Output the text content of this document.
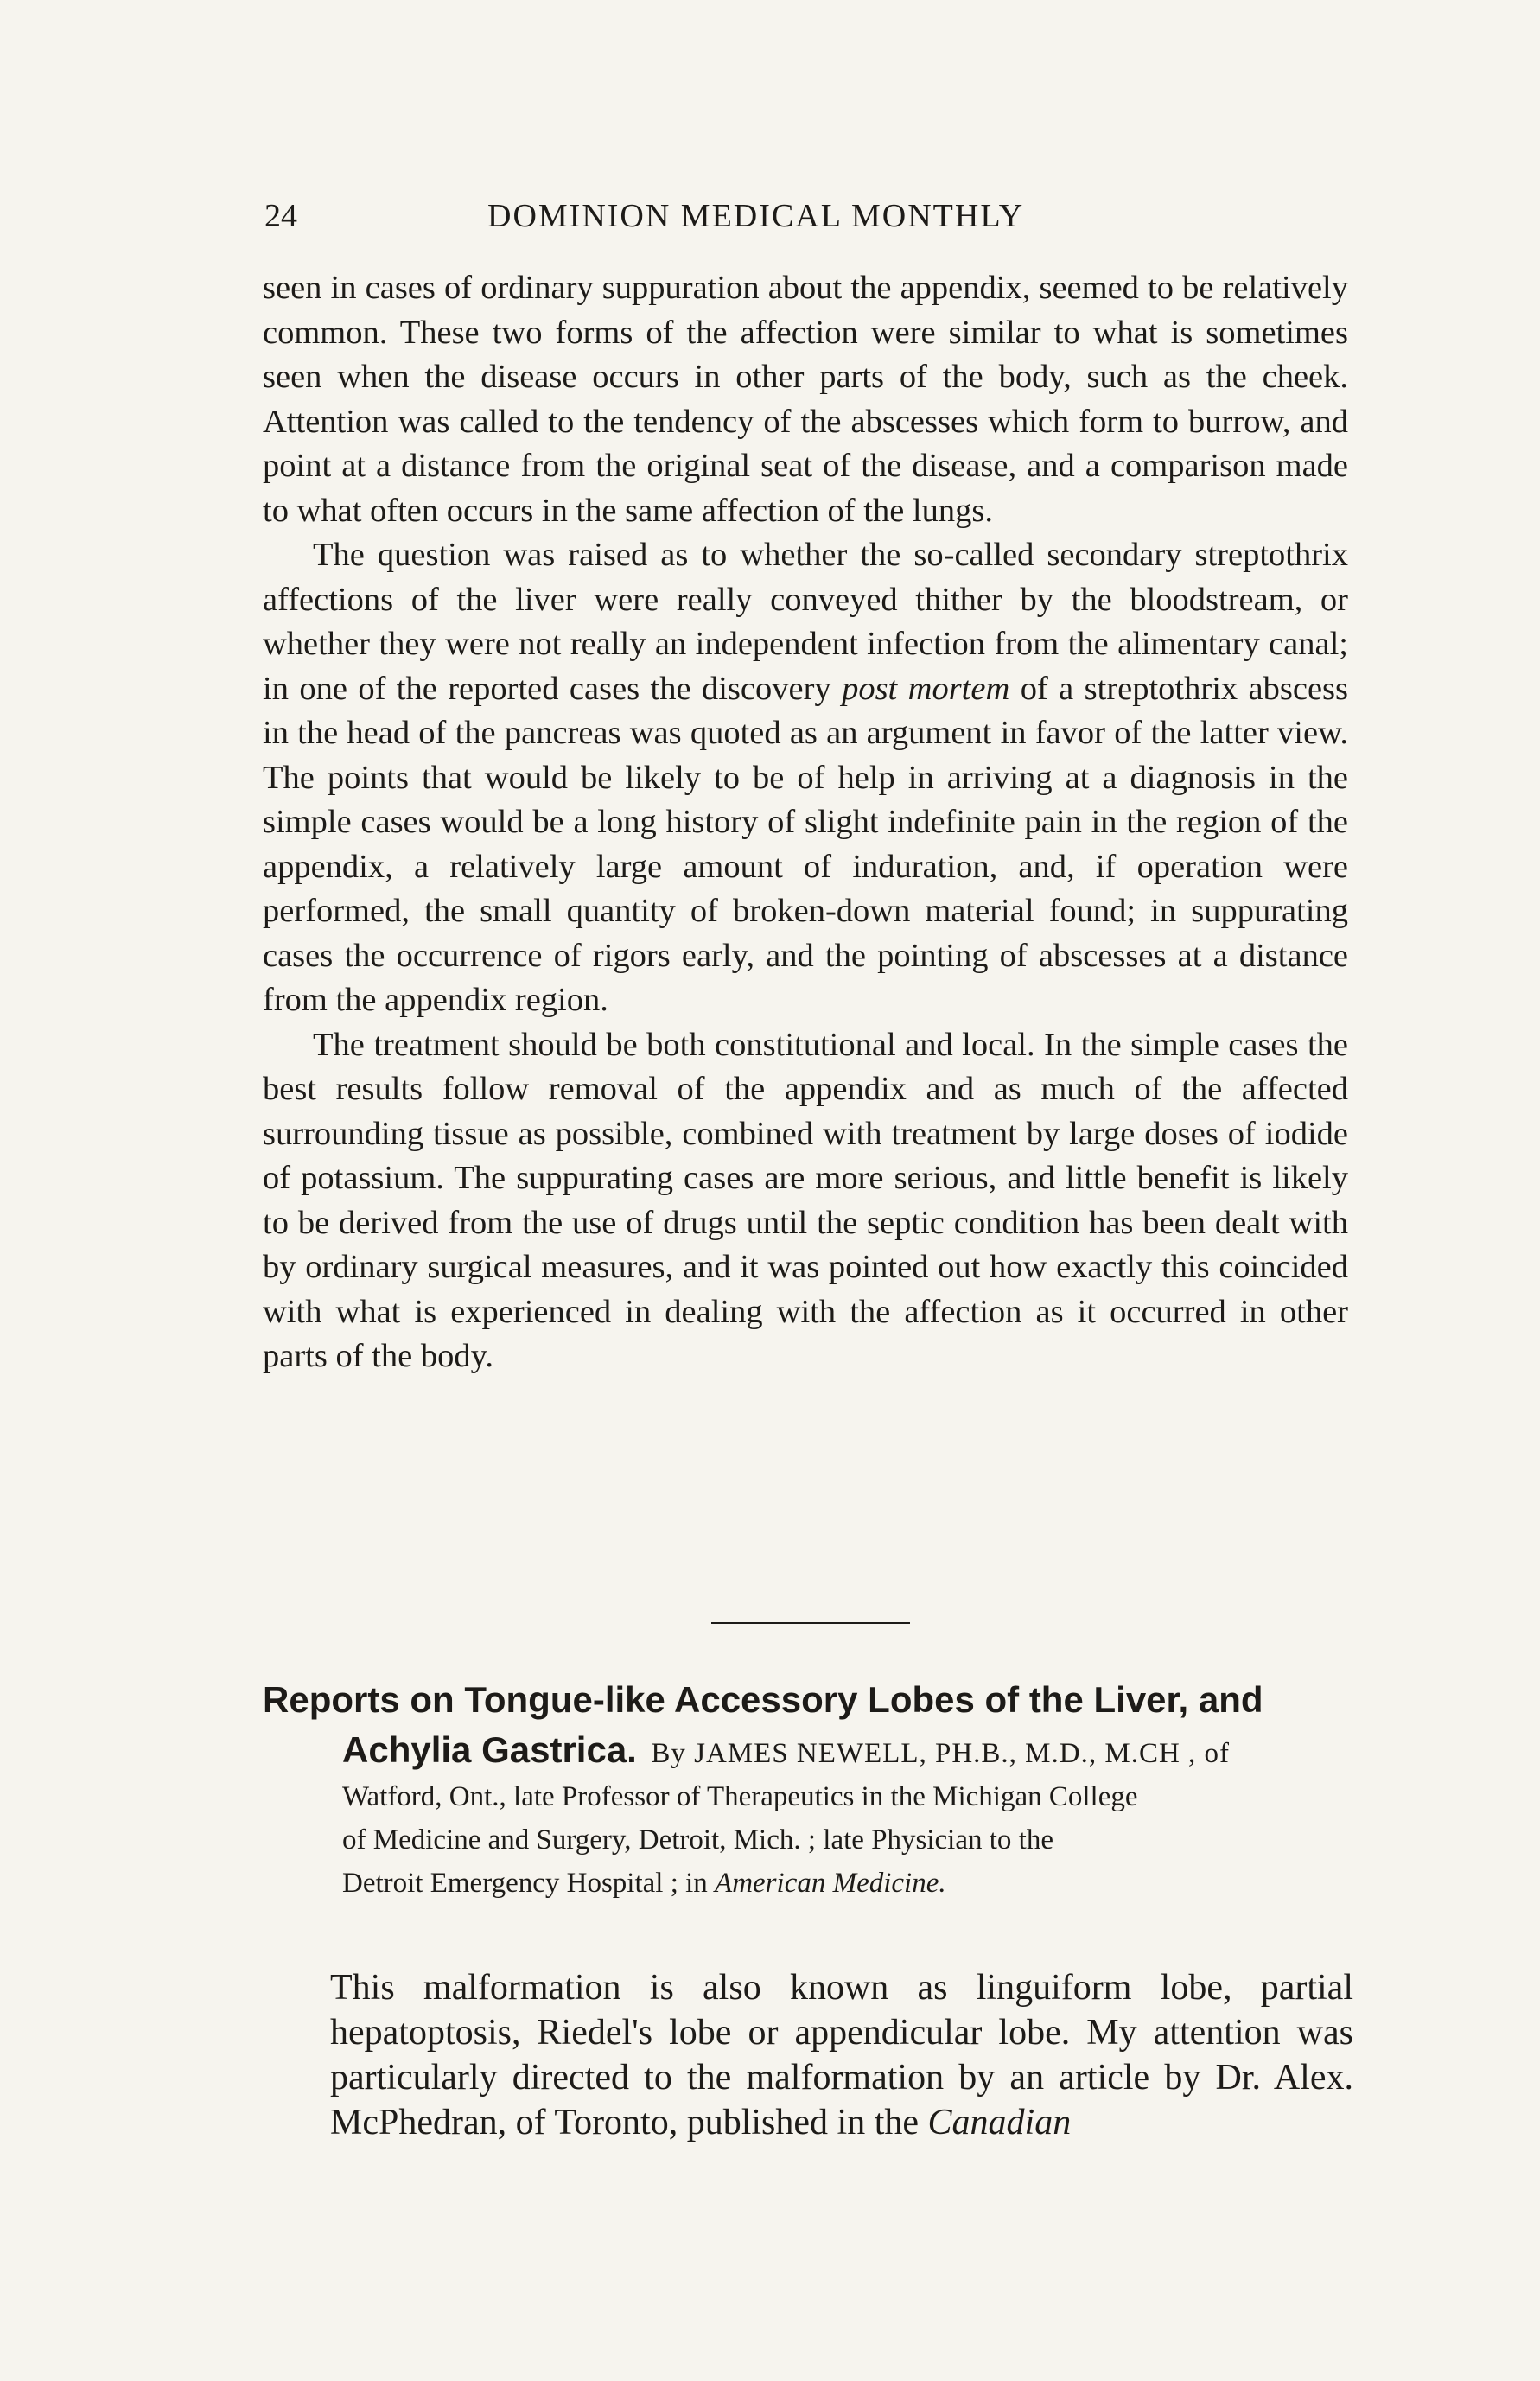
24	DOMINION MEDICAL MONTHLY

seen in cases of ordinary suppuration about the appendix, seemed to be relatively common. These two forms of the affection were similar to what is sometimes seen when the disease occurs in other parts of the body, such as the cheek. Attention was called to the tendency of the abscesses which form to burrow, and point at a distance from the original seat of the disease, and a comparison made to what often occurs in the same affection of the lungs.

The question was raised as to whether the so-called secondary streptothrix affections of the liver were really conveyed thither by the bloodstream, or whether they were not really an independent infection from the alimentary canal; in one of the reported cases the discovery post mortem of a streptothrix abscess in the head of the pancreas was quoted as an argument in favor of the latter view. The points that would be likely to be of help in arriving at a diagnosis in the simple cases would be a long history of slight indefinite pain in the region of the appendix, a relatively large amount of induration, and, if operation were performed, the small quantity of broken-down material found; in suppurating cases the occurrence of rigors early, and the pointing of abscesses at a distance from the appendix region.

The treatment should be both constitutional and local. In the simple cases the best results follow removal of the appendix and as much of the affected surrounding tissue as possible, combined with treatment by large doses of iodide of potassium. The suppurating cases are more serious, and little benefit is likely to be derived from the use of drugs until the septic condition has been dealt with by ordinary surgical measures, and it was pointed out how exactly this coincided with what is experienced in dealing with the affection as it occurred in other parts of the body.

Reports on Tongue-like Accessory Lobes of the Liver, and
Achylia Gastrica. By JAMES NEWELL, PH.B., M.D., M.CH , of
Watford, Ont., late Professor of Therapeutics in the Michigan College
of Medicine and Surgery, Detroit, Mich. ; late Physician to the
Detroit Emergency Hospital ; in American Medicine.

This malformation is also known as linguiform lobe, partial hepatoptosis, Riedel's lobe or appendicular lobe. My attention was particularly directed to the malformation by an article by Dr. Alex. McPhedran, of Toronto, published in the Canadian
